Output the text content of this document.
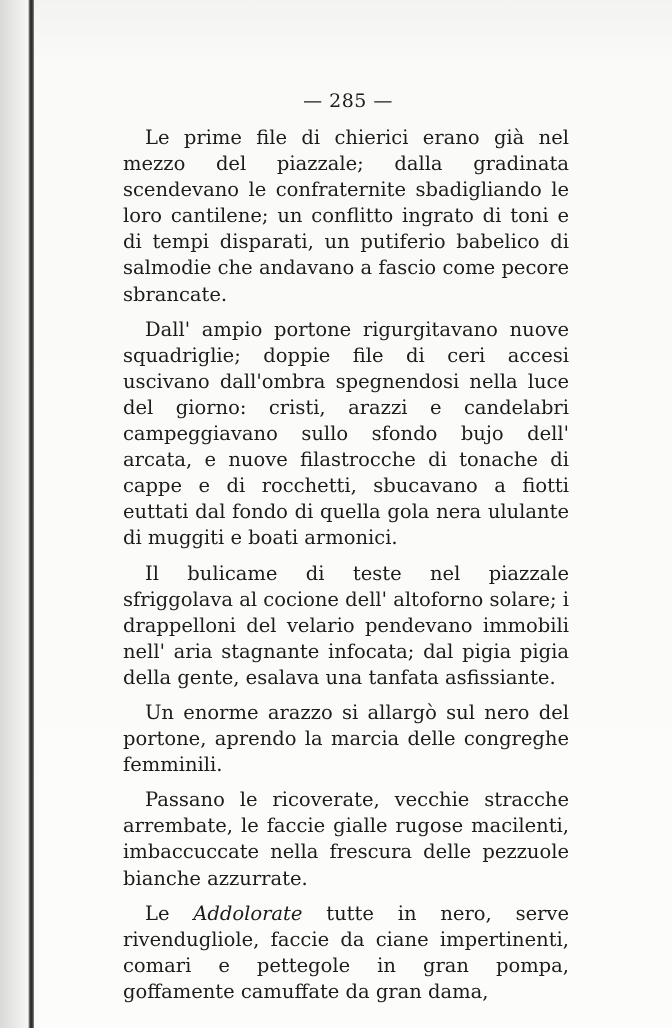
— 285 —

Le prime file di chierici erano già nel mezzo del piazzale; dalla gradinata scendevano le confraternite sbadigliando le loro cantilene; un conflitto ingrato di toni e di tempi disparati, un putiferio babelico di salmodie che andavano a fascio come pecore sbrancate.

Dall' ampio portone rigurgitavano nuove squadriglie; doppie file di ceri accesi uscivano dall'ombra spegnendosi nella luce del giorno: cristi, arazzi e candelabri campeggiavano sullo sfondo bujo dell' arcata, e nuove filastrocche di tonache di cappe e di rocchetti, sbucavano a fiotti euttati dal fondo di quella gola nera ululante di muggiti e boati armonici.

Il bulicame di teste nel piazzale sfriggolava al cocione dell' altoforno solare; i drappelloni del velario pendevano immobili nell' aria stagnante infocata; dal pigia pigia della gente, esalava una tanfata asfissiante.

Un enorme arazzo si allargò sul nero del portone, aprendo la marcia delle congreghe femminili.

Passano le ricoverate, vecchie stracche arrembate, le faccie gialle rugose macilenti, imbaccuccate nella frescura delle pezzuole bianche azzurrate.

Le Addolorate tutte in nero, serve rivendugliole, faccie da ciane impertinenti, comari e pettegole in gran pompa, goffamente camuffate da gran dama,
